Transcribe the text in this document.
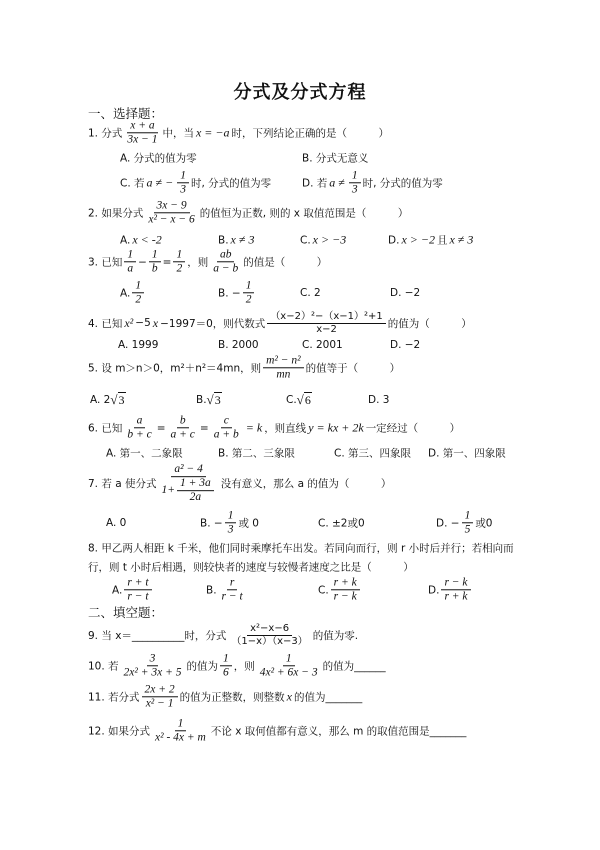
分式及分式方程
一、选择题：
1. 分式 $\frac{x + a}{3x - 1}$ 中，当 x = −a 时，下列结论正确的是（　　　）
A. 分式的值为零	B. 分式无意义
C. 若 a ≠ − $\frac{1}{3}$ 时, 分式的值为零	D. 若 $a \ne \frac{1}{3}$ 时, 分式的值为零
2. 如果分式 $\frac{3x - 9}{\text{x² − x − 6}}$ 的值恒为正数, 则的 x 取值范围是（　　　）
A. x < -2	B. x ≠ 3	C. x > −3	D. x > −2 且 x ≠ 3
3. 已知 $\frac{1}{a} - \frac{1}{b} = \frac{1}{2}$ ，则 $\frac{ab}{a - b}$ 的值是（　　　）
A. $\frac{1}{2}$	B. − $\frac{1}{2}$	C. 2	D. −2
4. 已知 x² −5 x −1997＝0，则代数式 $\frac{\text{（x−2）²−（x−1）²+1}}{x-2}$ 的值为（　　　）
A. 1999	B. 2000	C. 2001	D. −2
5. 设 m＞n＞0，m²＋n²＝4mn，则 $\frac{\text{m² − n²}}{mn}$ 的值等于（　　　）
A. 2 √ 3	B. √ 3	C. √ 6	D. 3
6. 已知 $\frac{a}{b + c} = \frac{b}{a + c} = \frac{c}{a + b} = k$ ，则直线 y = kx + 2k 一定经过（　　　）
A. 第一、二象限	B. 第二、三象限	C. 第三、四象限 D. 第一、四象限
7. 若 a 使分式 $\frac{\text{a² − 4}}{1+ \frac{1 + 3a}{2a}}$ 没有意义，那么 a 的值为（　　　）
A. 0	B. − $\frac{1}{3}$ 或 0	C. ±2或0	D. − $\frac{1}{5}$ 或0
8. 甲乙两人相距 k 千米，他们同时乘摩托车出发。若同向而行，则 r 小时后并行；若相向而
行，则 t 小时后相遇，则较快者的速度与较慢者速度之比是（　　　）
A. $\frac{r + t}{r - t}$	B. $\frac{r}{r - t}$	C. $\frac{r + k}{r - k}$	D. $\frac{r - k}{r + k}$
二、填空题：
9. 当 x＝__________时，分式 $\frac{\text{x²−x−6}}{(1-x)(x-3)}$ 的值为零.
10. 若 $\frac{3}{\text{2x² + 3x + 5}}$ 的值为 $\frac{1}{6}$ ，则 $\frac{1}{\text{4x² + 6x − 3}}$ 的值为______
11. 若分式 $\frac{2x + 2}{\text{x² − 1}}$ 的值为正整数，则整数 x 的值为_______
12. 如果分式 $\frac{1}{\text{x² - 4x + m}}$ 不论 x 取何值都有意义，那么 m 的取值范围是_______
